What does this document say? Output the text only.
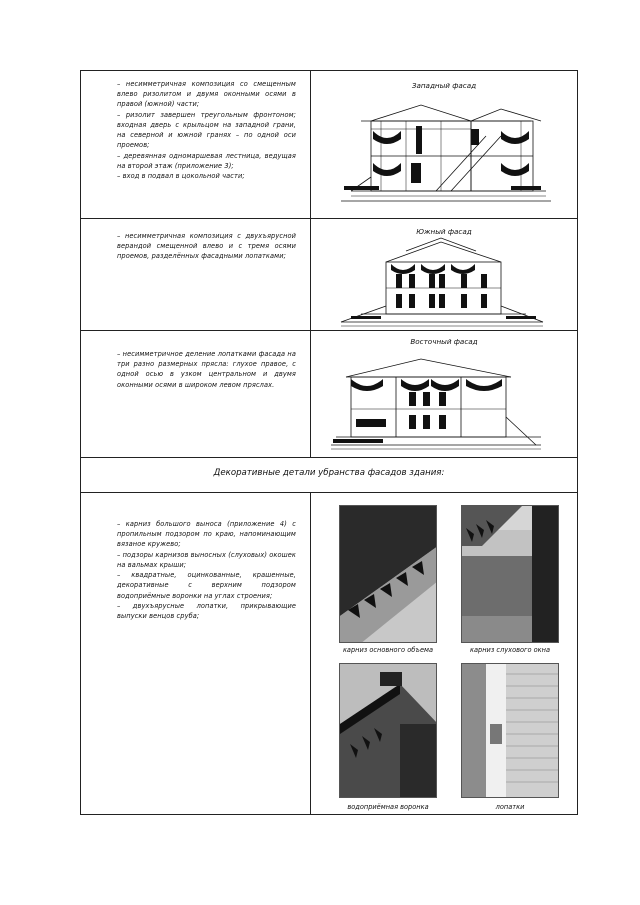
– несимметричная композиция со смещенным влево ризолитом и двумя оконными осями в правой (южной) части;

– ризолит завершен треугольным фронтоном; входная дверь с крыльцом на западной грани, на северной и южной гранях – по одной оси проемов;

– деревянная одномаршевая лестница, ведущая на второй этаж (приложение 3);

– вход в подвал в цокольной части;

Западный фасад

– несимметричная композиция с двухъярусной верандой смещенной влево и с тремя осями проемов, разделённых фасадными лопатками;

Южный фасад

– несимметричное деление лопатками фасада на три разно размерных прясла: глухое правое, с одной осью в узком центральном и двумя оконными осями в широком левом пряслах.

Восточный фасад
Декоративные детали убранства фасадов здания:

– карниз большого выноса (приложение 4) с пропильным подзором по краю, напоминающим вязаное кружево;

– подзоры карнизов выносных (слуховых) окошек на вальмах крыши;

– квадратные, оцинкованные, крашенные, декоративные с верхним подзором водоприёмные воронки на углах строения;

– двухъярусные лопатки, прикрывающие выпуски венцов сруба;

карниз основного объема	карниз слухового окна
водоприёмная воронка	лопатки
